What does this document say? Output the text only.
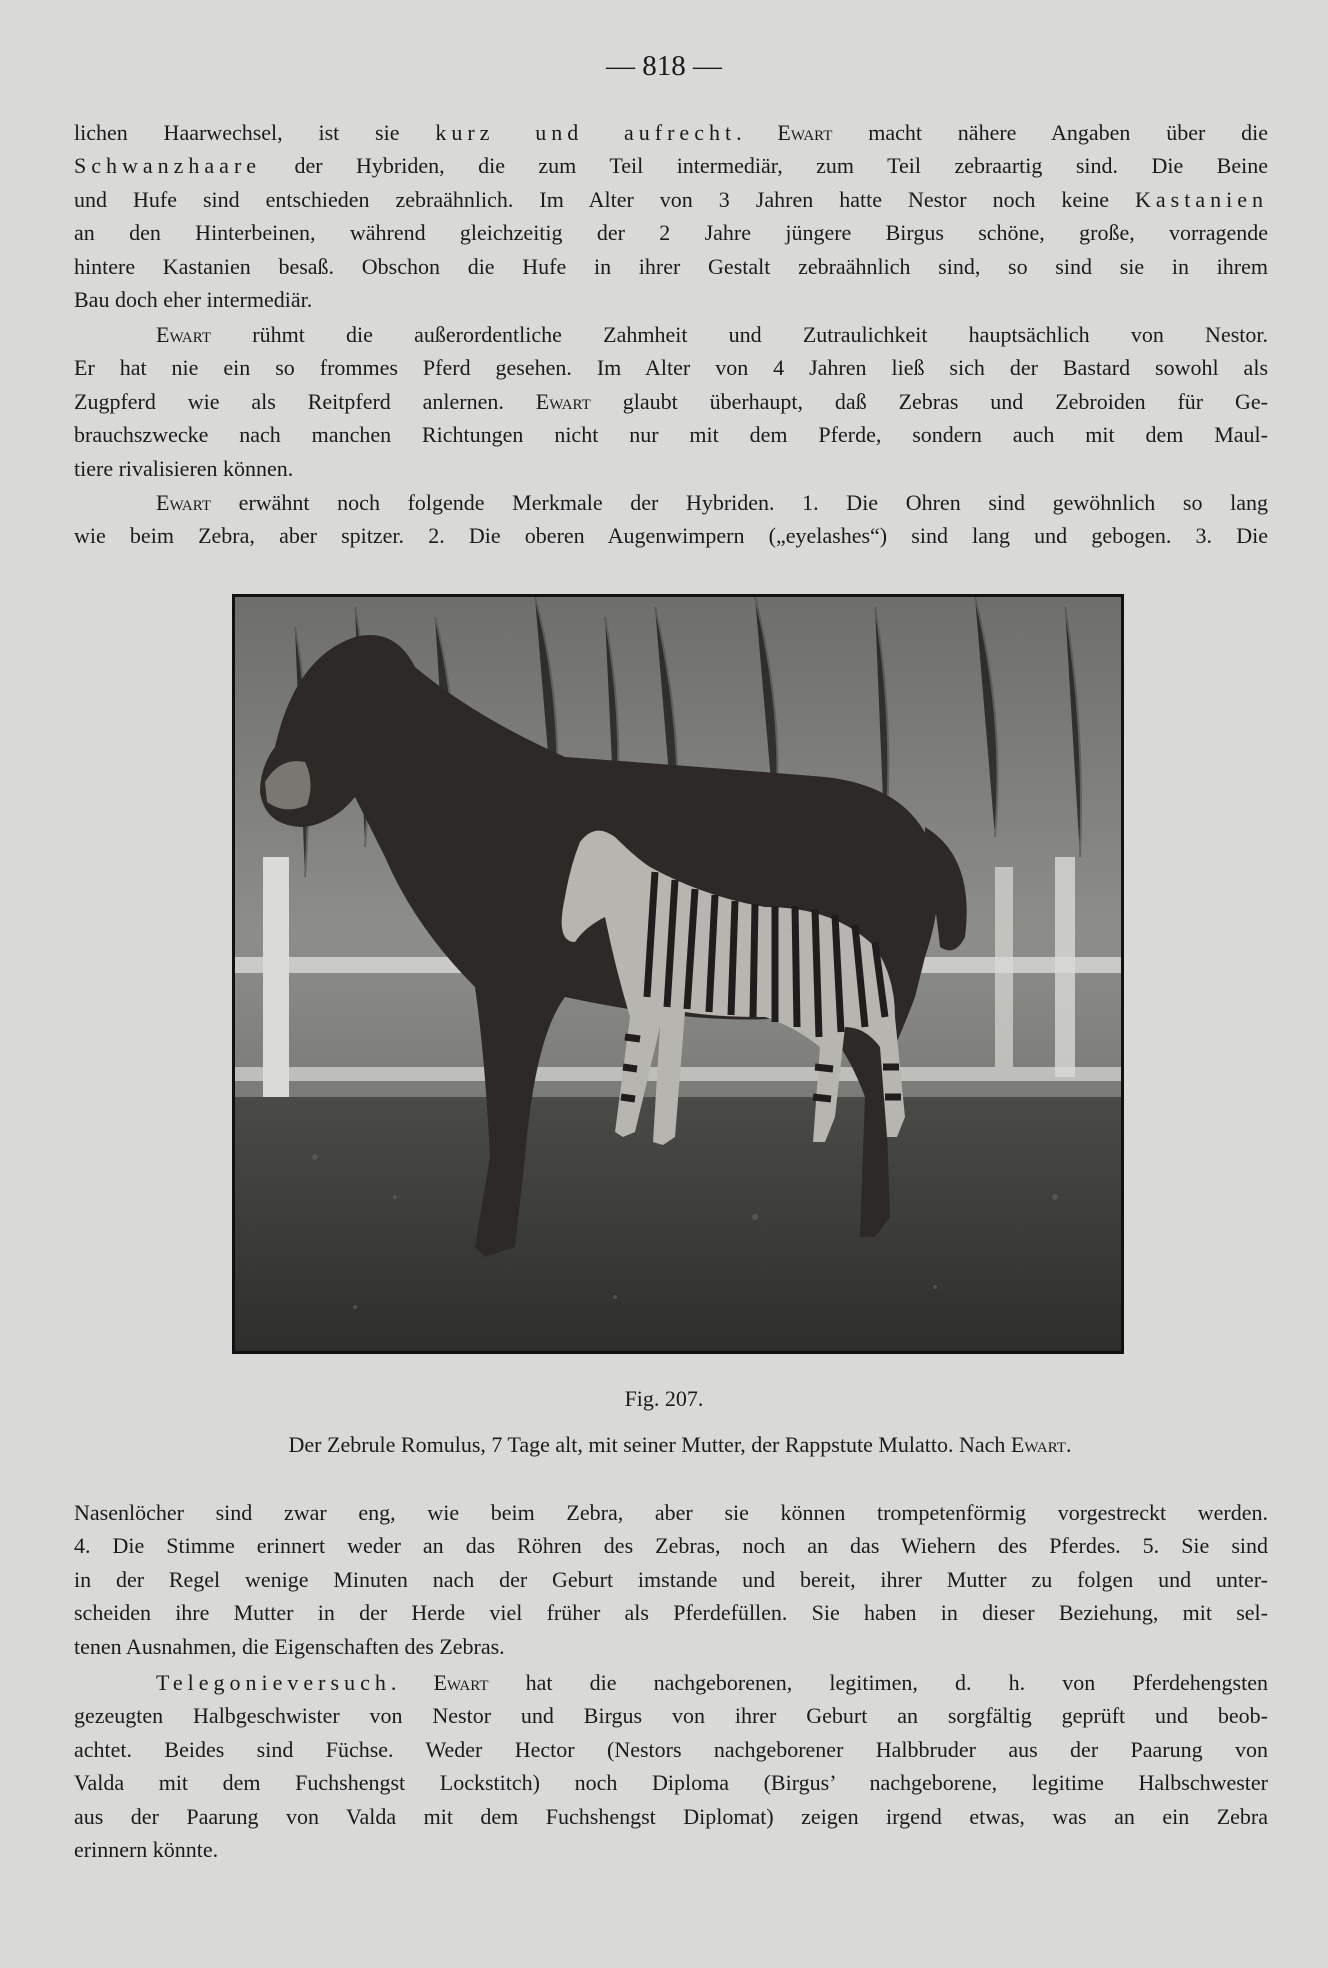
— 818 —
lichen Haarwechsel, ist sie kurz und aufrecht. Ewart macht nähere Angaben über die
Schwanzhaare der Hybriden, die zum Teil intermediär, zum Teil zebraartig sind. Die Beine
und Hufe sind entschieden zebraähnlich. Im Alter von 3 Jahren hatte Nestor noch keine Kastanien
an den Hinterbeinen, während gleichzeitig der 2 Jahre jüngere Birgus schöne, große, vorragende
hintere Kastanien besaß. Obschon die Hufe in ihrer Gestalt zebraähnlich sind, so sind sie in ihrem
Bau doch eher intermediär.
Ewart rühmt die außerordentliche Zahmheit und Zutraulichkeit hauptsächlich von Nestor.
Er hat nie ein so frommes Pferd gesehen. Im Alter von 4 Jahren ließ sich der Bastard sowohl als
Zugpferd wie als Reitpferd anlernen. Ewart glaubt überhaupt, daß Zebras und Zebroiden für Ge-
brauchszwecke nach manchen Richtungen nicht nur mit dem Pferde, sondern auch mit dem Maul-
tiere rivalisieren können.
Ewart erwähnt noch folgende Merkmale der Hybriden. 1. Die Ohren sind gewöhnlich so lang
wie beim Zebra, aber spitzer. 2. Die oberen Augenwimpern („eyelashes“) sind lang und gebogen. 3. Die
Fig. 207.
Der Zebrule Romulus, 7 Tage alt, mit seiner Mutter, der Rappstute Mulatto. Nach Ewart.
Nasenlöcher sind zwar eng, wie beim Zebra, aber sie können trompetenförmig vorgestreckt werden.
4. Die Stimme erinnert weder an das Röhren des Zebras, noch an das Wiehern des Pferdes. 5. Sie sind
in der Regel wenige Minuten nach der Geburt imstande und bereit, ihrer Mutter zu folgen und unter-
scheiden ihre Mutter in der Herde viel früher als Pferdefüllen. Sie haben in dieser Beziehung, mit sel-
tenen Ausnahmen, die Eigenschaften des Zebras.
Telegonieversuch. Ewart hat die nachgeborenen, legitimen, d. h. von Pferdehengsten
gezeugten Halbgeschwister von Nestor und Birgus von ihrer Geburt an sorgfältig geprüft und beob-
achtet. Beides sind Füchse. Weder Hector (Nestors nachgeborener Halbbruder aus der Paarung von
Valda mit dem Fuchshengst Lockstitch) noch Diploma (Birgus’ nachgeborene, legitime Halbschwester
aus der Paarung von Valda mit dem Fuchshengst Diplomat) zeigen irgend etwas, was an ein Zebra
erinnern könnte.
